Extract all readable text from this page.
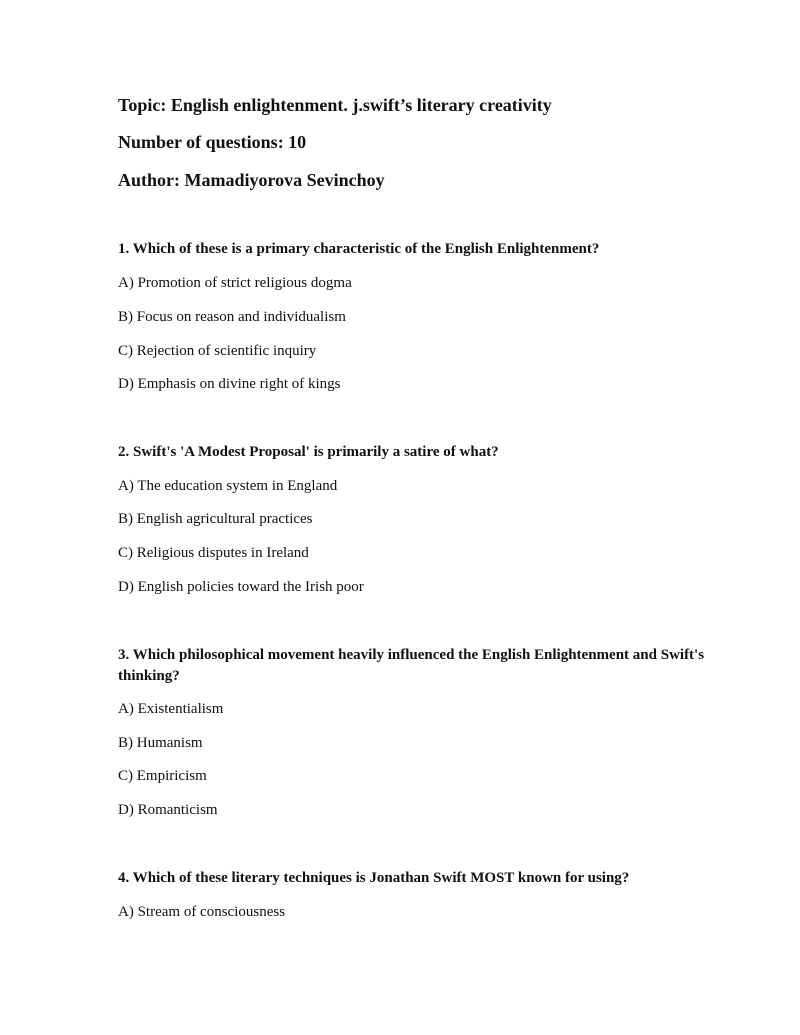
Topic: English enlightenment. j.swift’s literary creativity
Number of questions: 10
Author: Mamadiyorova Sevinchoy
1. Which of these is a primary characteristic of the English Enlightenment?
A) Promotion of strict religious dogma
B) Focus on reason and individualism
C) Rejection of scientific inquiry
D) Emphasis on divine right of kings
2. Swift's 'A Modest Proposal' is primarily a satire of what?
A) The education system in England
B) English agricultural practices
C) Religious disputes in Ireland
D) English policies toward the Irish poor
3. Which philosophical movement heavily influenced the English Enlightenment and Swift's thinking?
A) Existentialism
B) Humanism
C) Empiricism
D) Romanticism
4. Which of these literary techniques is Jonathan Swift MOST known for using?
A) Stream of consciousness
